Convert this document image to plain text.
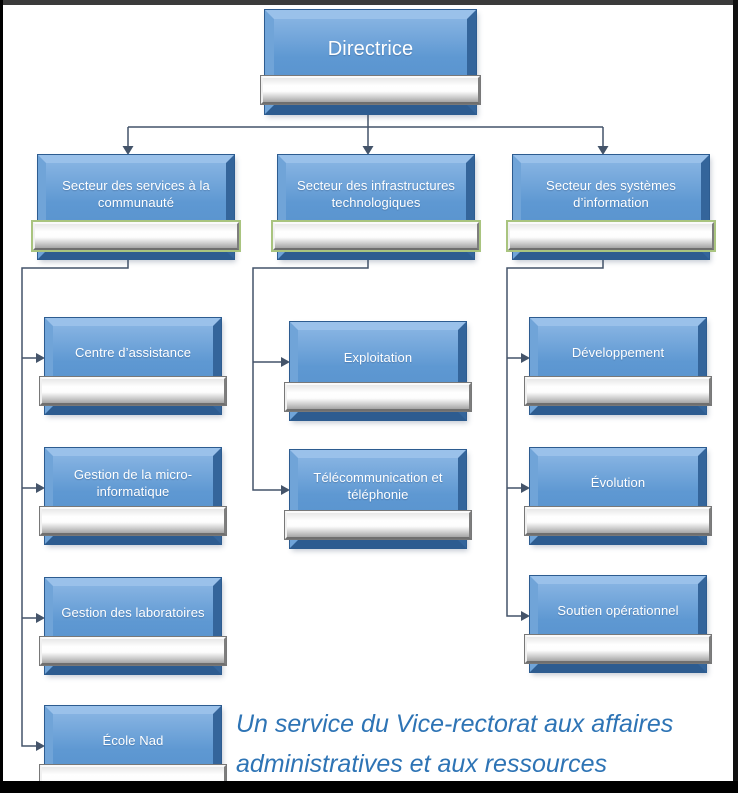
Directrice
Secteur des services à la communauté
Secteur des infrastructures technologiques
Secteur des systèmes d’information
Centre d’assistance
Gestion de la micro-informatique
Gestion des laboratoires
École Nad
Exploitation
Télécommunication et téléphonie
Développement
Évolution
Soutien opérationnel
Un service du Vice-rectorat aux affaires administratives et aux ressources
